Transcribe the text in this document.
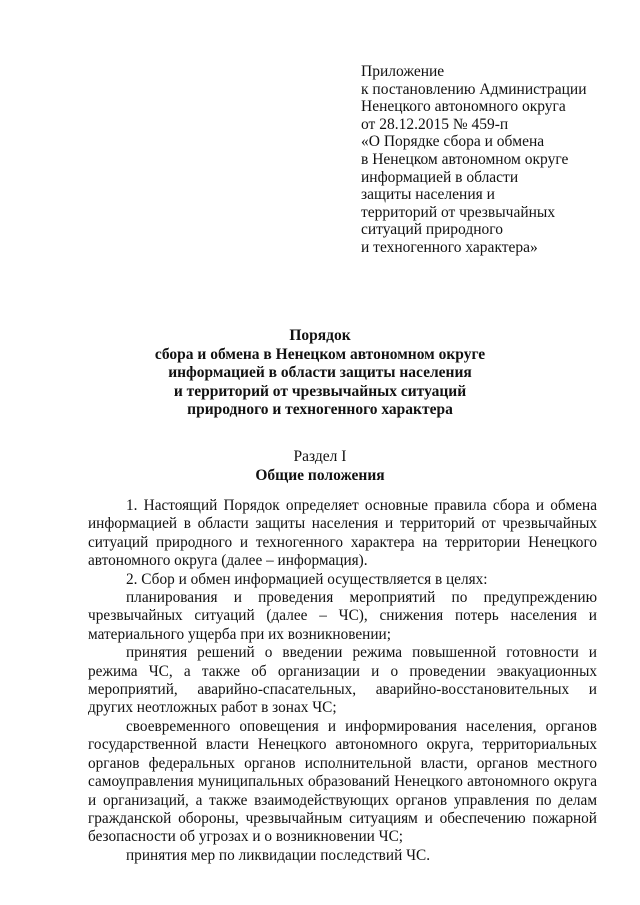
Приложение
к постановлению Администрации
Ненецкого автономного округа
от 28.12.2015 № 459-п
«О Порядке сбора и обмена
в Ненецком автономном округе
информацией в области
защиты населения и
территорий от чрезвычайных
ситуаций природного
и техногенного характера»
Порядок
сбора и обмена в Ненецком автономном округе
информацией в области защиты населения
и территорий от чрезвычайных ситуаций
природного и техногенного характера
Раздел I
Общие положения

1. Настоящий Порядок определяет основные правила сбора и обмена информацией в области защиты населения и территорий от чрезвычайных ситуаций природного и техногенного характера на территории Ненецкого автономного округа (далее – информация).

2. Сбор и обмен информацией осуществляется в целях:

планирования и проведения мероприятий по предупреждению чрезвычайных ситуаций (далее – ЧС), снижения потерь населения и материального ущерба при их возникновении;

принятия решений о введении режима повышенной готовности и режима ЧС, а также об организации и о проведении эвакуационных мероприятий, аварийно-спасательных, аварийно-восстановительных и других неотложных работ в зонах ЧС;

своевременного оповещения и информирования населения, органов государственной власти Ненецкого автономного округа, территориальных органов федеральных органов исполнительной власти, органов местного самоуправления муниципальных образований Ненецкого автономного округа и организаций, а также взаимодействующих органов управления по делам гражданской обороны, чрезвычайным ситуациям и обеспечению пожарной безопасности об угрозах и о возникновении ЧС;

принятия мер по ликвидации последствий ЧС.
